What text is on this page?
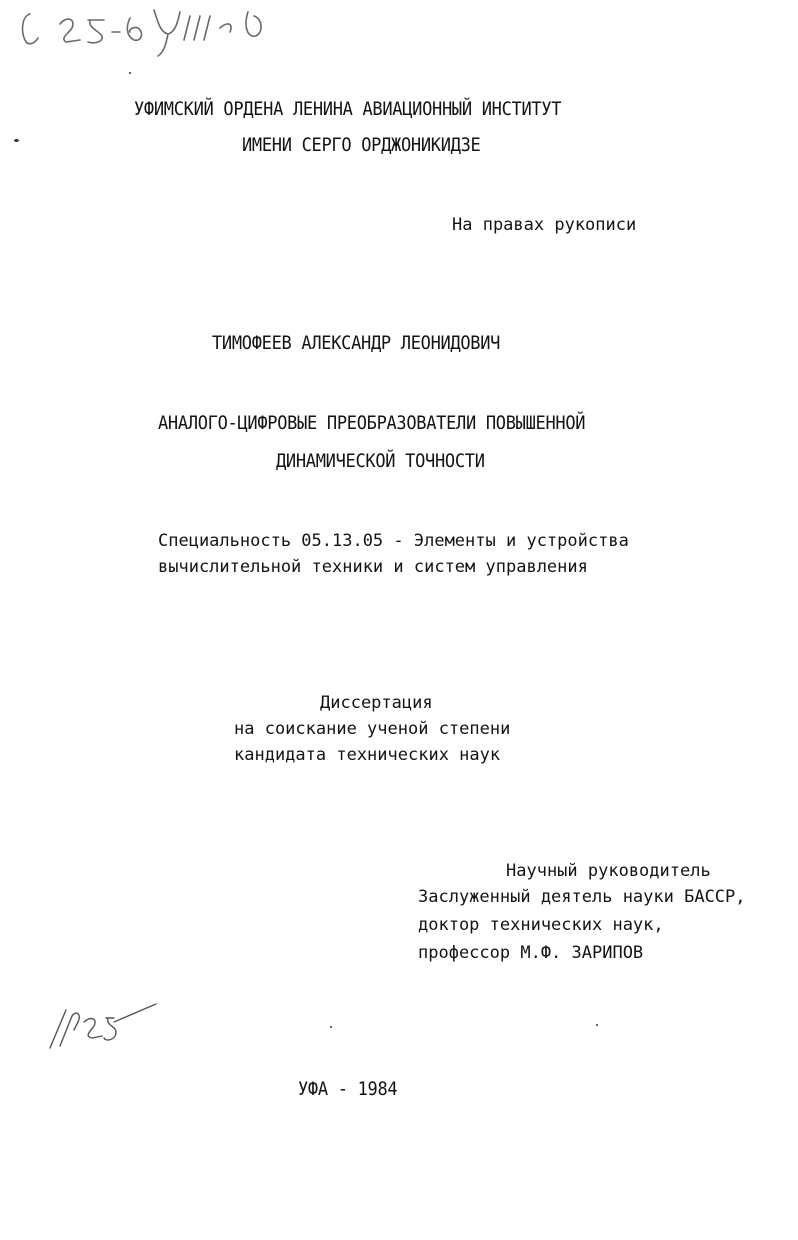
УФИМСКИЙ ОРДЕНА ЛЕНИНА АВИАЦИОННЫЙ ИНСТИТУТ
ИМЕНИ СЕРГО ОРДЖОНИКИДЗЕ
На правах рукописи
ТИМОФЕЕВ АЛЕКСАНДР ЛЕОНИДОВИЧ
АНАЛОГО-ЦИФРОВЫЕ ПРЕОБРАЗОВАТЕЛИ ПОВЫШЕННОЙ
ДИНАМИЧЕСКОЙ ТОЧНОСТИ
Специальность 05.13.05 - Элементы и устройства
вычислительной техники и систем управления
Диссертация
на соискание ученой степени
кандидата технических наук
Научный руководитель
Заслуженный деятель науки БАССР,
доктор технических наук,
профессор М.Ф. ЗАРИПОВ
УФА - 1984
